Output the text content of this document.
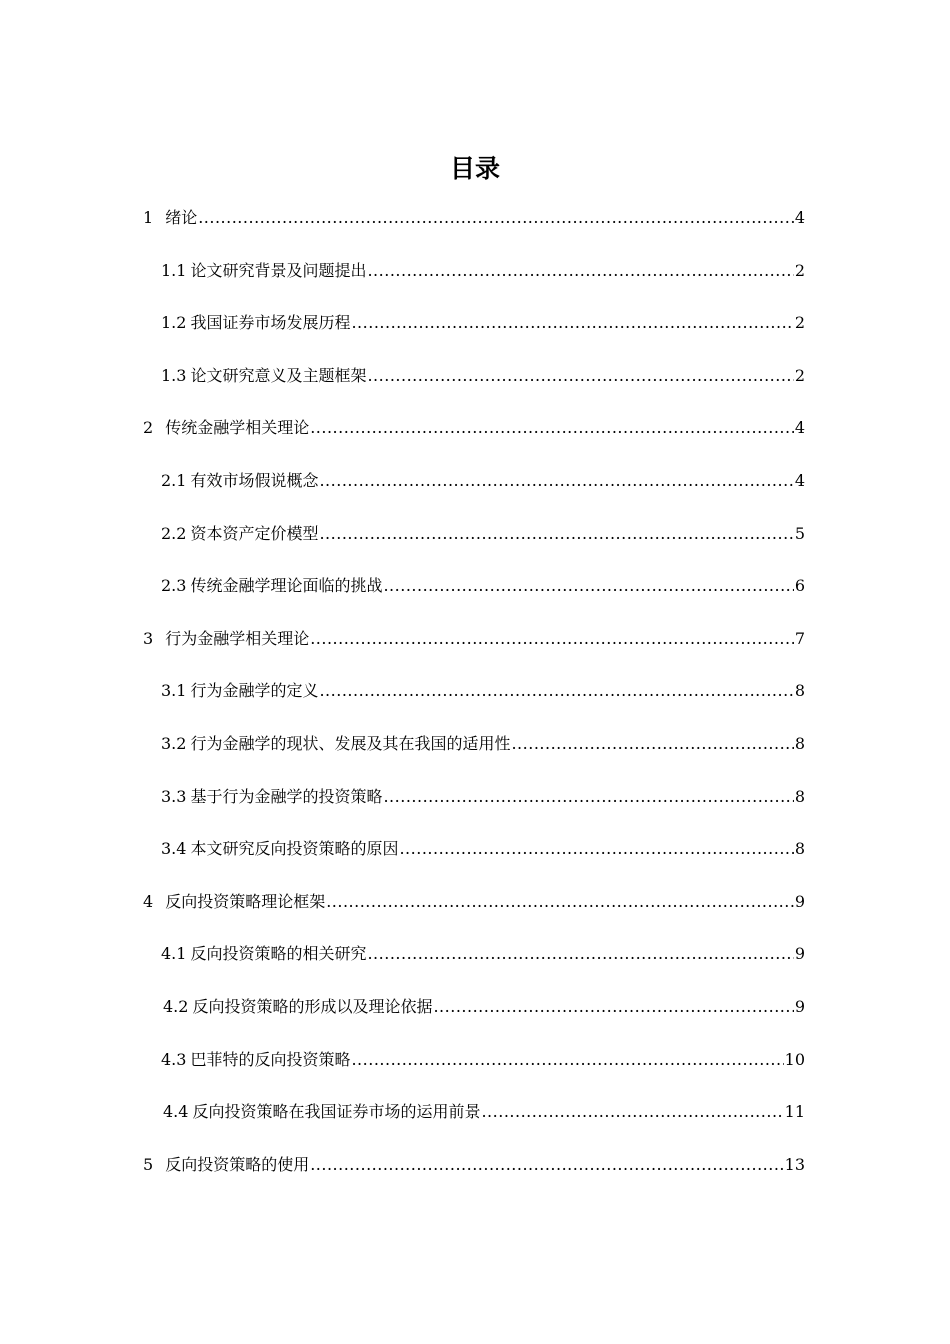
目录
1 绪论 .....	4
1.1 论文研究背景及问题提出 .....	2
1.2 我国证券市场发展历程 .....	2
1.3 论文研究意义及主题框架 .....	2
2 传统金融学相关理论 .....	4
2.1 有效市场假说概念 .....	4
2.2 资本资产定价模型 .....	5
2.3 传统金融学理论面临的挑战 .....	6
3 行为金融学相关理论 .....	7
3.1 行为金融学的定义 .....	8
3.2 行为金融学的现状、发展及其在我国的适用性 .....	8
3.3 基于行为金融学的投资策略 .....	8
3.4 本文研究反向投资策略的原因 .....	8
4 反向投资策略理论框架 .....	9
4.1 反向投资策略的相关研究 .....	9
4.2 反向投资策略的形成以及理论依据 .....	9
4.3 巴菲特的反向投资策略 .....	10
4.4 反向投资策略在我国证券市场的运用前景 .....	11
5 反向投资策略的使用 .....	13
